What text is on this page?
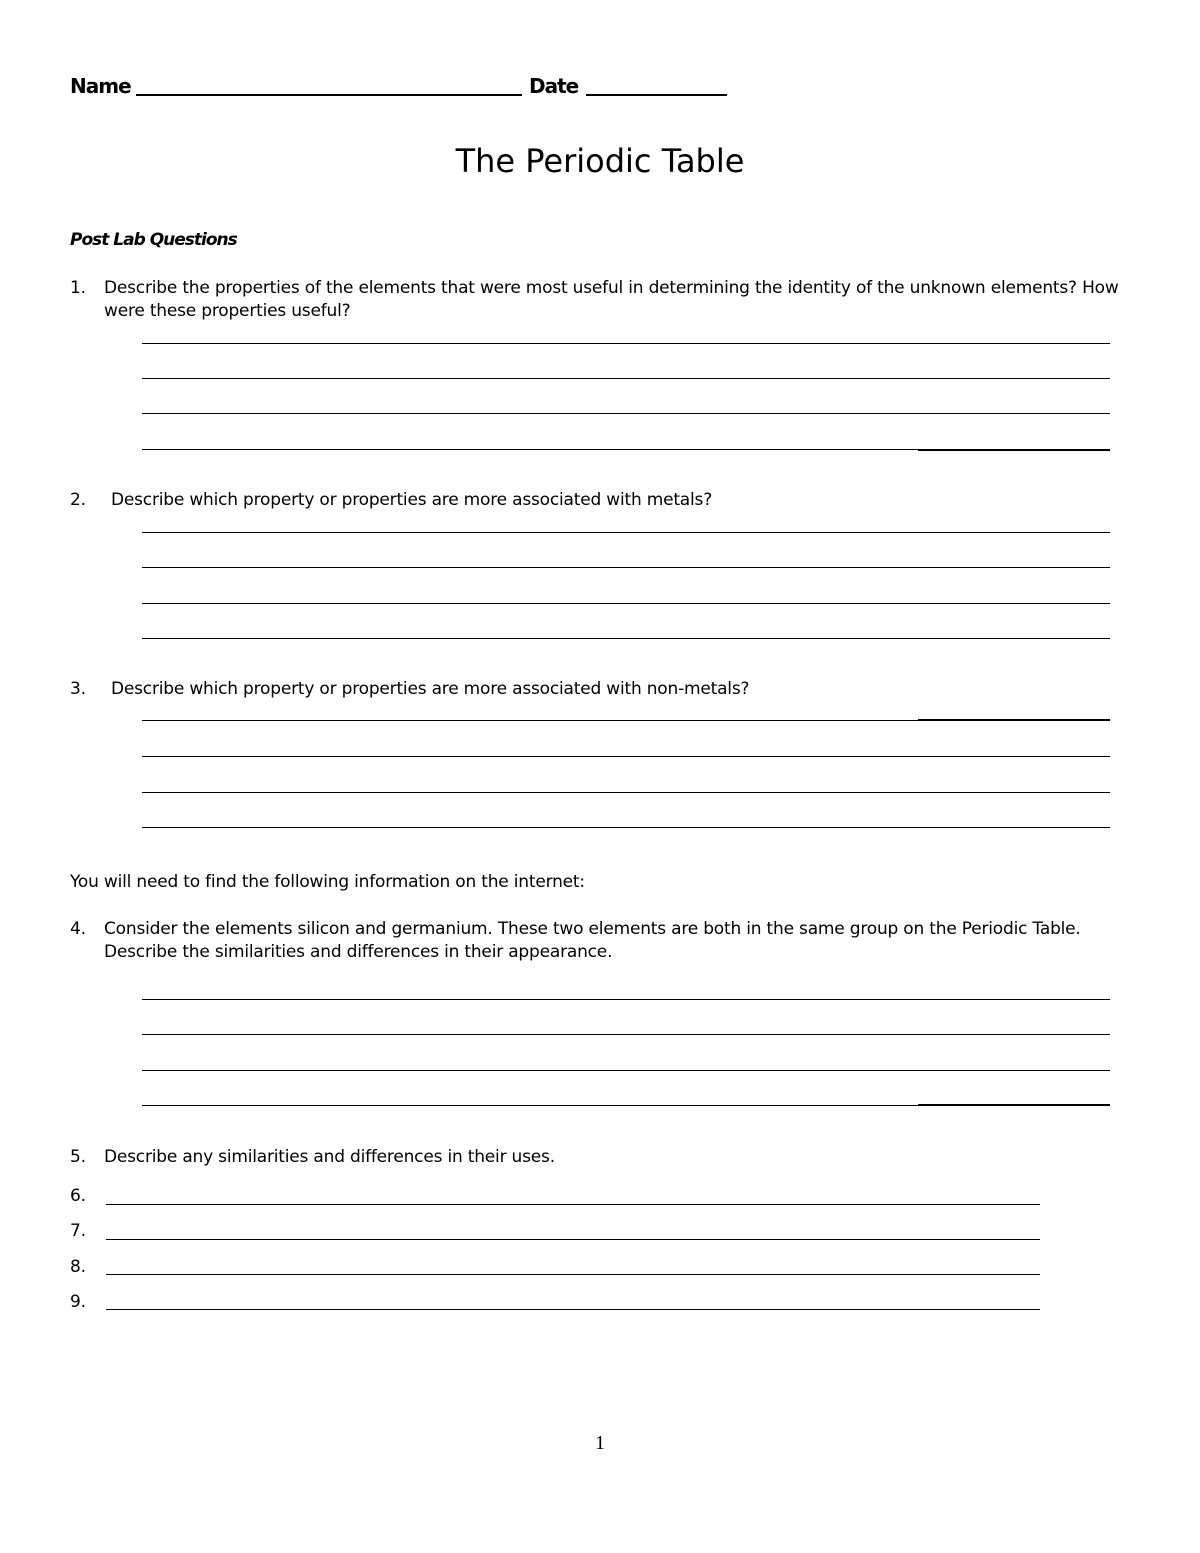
Name	Date
The Periodic Table
Post Lab Questions
1. Describe the properties of the elements that were most useful in determining the identity of the unknown elements? How were these properties useful?
2. Describe which property or properties are more associated with metals?
3. Describe which property or properties are more associated with non-metals?
You will need to find the following information on the internet:
4. Consider the elements silicon and germanium. These two elements are both in the same group on the Periodic Table. Describe the similarities and differences in their appearance.
5. Describe any similarities and differences in their uses.
6.
7.
8.
9.
1
